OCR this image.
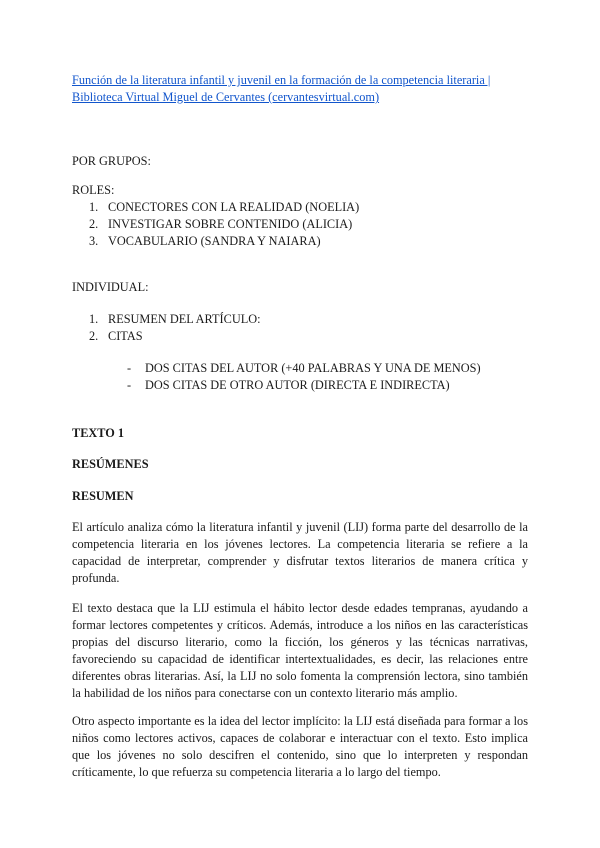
Función de la literatura infantil y juvenil en la formación de la competencia literaria |
Biblioteca Virtual Miguel de Cervantes (cervantesvirtual.com)

POR GRUPOS:

ROLES:

1. CONECTORES CON LA REALIDAD (NOELIA)
2. INVESTIGAR SOBRE CONTENIDO (ALICIA)
3. VOCABULARIO (SANDRA Y NAIARA)

INDIVIDUAL:

1. RESUMEN DEL ARTÍCULO:
2. CITAS
- DOS CITAS DEL AUTOR (+40 PALABRAS Y UNA DE MENOS)
- DOS CITAS DE OTRO AUTOR (DIRECTA E INDIRECTA)

TEXTO 1

RESÚMENES

RESUMEN

El artículo analiza cómo la literatura infantil y juvenil (LIJ) forma parte del desarrollo de la competencia literaria en los jóvenes lectores. La competencia literaria se refiere a la capacidad de interpretar, comprender y disfrutar textos literarios de manera crítica y profunda.

El texto destaca que la LIJ estimula el hábito lector desde edades tempranas, ayudando a formar lectores competentes y críticos. Además, introduce a los niños en las características propias del discurso literario, como la ficción, los géneros y las técnicas narrativas, favoreciendo su capacidad de identificar intertextualidades, es decir, las relaciones entre diferentes obras literarias. Así, la LIJ no solo fomenta la comprensión lectora, sino también la habilidad de los niños para conectarse con un contexto literario más amplio.

Otro aspecto importante es la idea del lector implícito: la LIJ está diseñada para formar a los niños como lectores activos, capaces de colaborar e interactuar con el texto. Esto implica que los jóvenes no solo descifren el contenido, sino que lo interpreten y respondan críticamente, lo que refuerza su competencia literaria a lo largo del tiempo.
